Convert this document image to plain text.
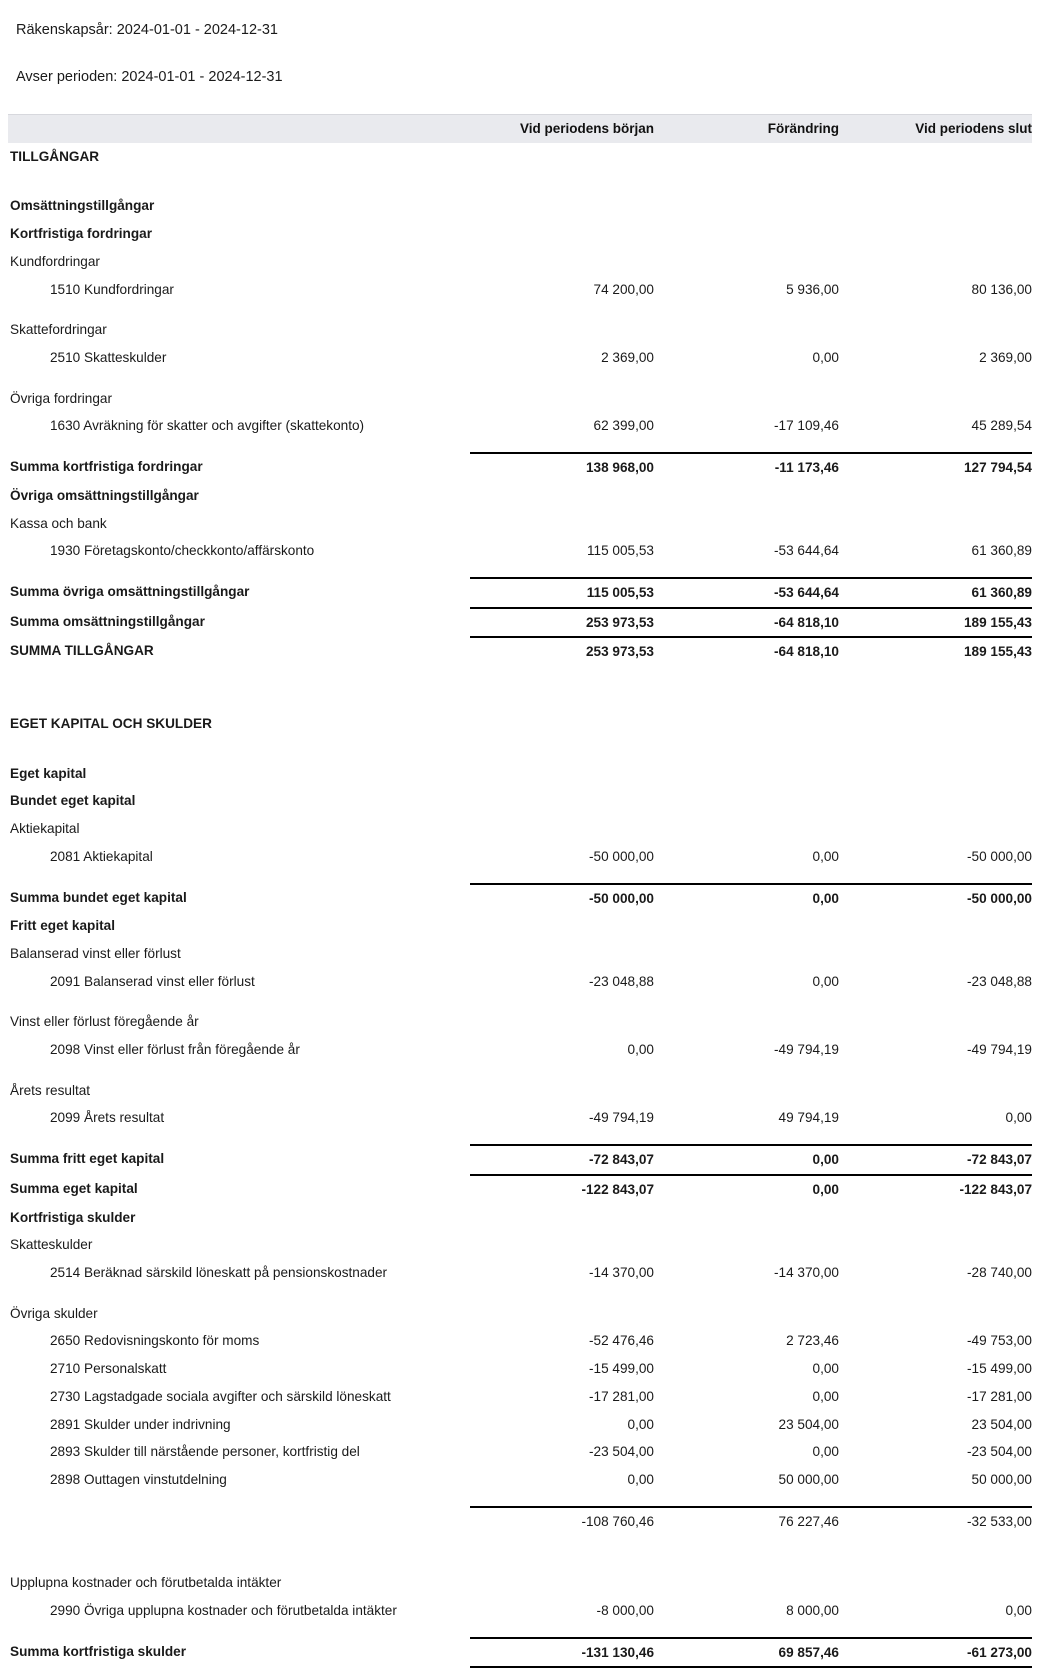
Räkenskapsår: 2024-01-01 - 2024-12-31
Avser perioden: 2024-01-01 - 2024-12-31
	Vid periodens början	Förändring	Vid periodens slut
TILLGÅNGAR			

Omsättningstillgångar			
Kortfristiga fordringar			
Kundfordringar			
1510 Kundfordringar	74 200,00	5 936,00	80 136,00

Skattefordringar			
2510 Skatteskulder	2 369,00	0,00	2 369,00

Övriga fordringar			
1630 Avräkning för skatter och avgifter (skattekonto)	62 399,00	-17 109,46	45 289,54

Summa kortfristiga fordringar	138 968,00	-11 173,46	127 794,54
Övriga omsättningstillgångar			
Kassa och bank			
1930 Företagskonto/checkkonto/affärskonto	115 005,53	-53 644,64	61 360,89

Summa övriga omsättningstillgångar	115 005,53	-53 644,64	61 360,89
Summa omsättningstillgångar	253 973,53	-64 818,10	189 155,43
SUMMA TILLGÅNGAR	253 973,53	-64 818,10	189 155,43

EGET KAPITAL OCH SKULDER			

Eget kapital			
Bundet eget kapital			
Aktiekapital			
2081 Aktiekapital	-50 000,00	0,00	-50 000,00

Summa bundet eget kapital	-50 000,00	0,00	-50 000,00
Fritt eget kapital			
Balanserad vinst eller förlust			
2091 Balanserad vinst eller förlust	-23 048,88	0,00	-23 048,88

Vinst eller förlust föregående år			
2098 Vinst eller förlust från föregående år	0,00	-49 794,19	-49 794,19

Årets resultat			
2099 Årets resultat	-49 794,19	49 794,19	0,00

Summa fritt eget kapital	-72 843,07	0,00	-72 843,07
Summa eget kapital	-122 843,07	0,00	-122 843,07
Kortfristiga skulder			
Skatteskulder			
2514 Beräknad särskild löneskatt på pensionskostnader	-14 370,00	-14 370,00	-28 740,00

Övriga skulder			
2650 Redovisningskonto för moms	-52 476,46	2 723,46	-49 753,00
2710 Personalskatt	-15 499,00	0,00	-15 499,00
2730 Lagstadgade sociala avgifter och särskild löneskatt	-17 281,00	0,00	-17 281,00
2891 Skulder under indrivning	0,00	23 504,00	23 504,00
2893 Skulder till närstående personer, kortfristig del	-23 504,00	0,00	-23 504,00
2898 Outtagen vinstutdelning	0,00	50 000,00	50 000,00

	-108 760,46	76 227,46	-32 533,00

Upplupna kostnader och förutbetalda intäkter			
2990 Övriga upplupna kostnader och förutbetalda intäkter	-8 000,00	8 000,00	0,00

Summa kortfristiga skulder	-131 130,46	69 857,46	-61 273,00
